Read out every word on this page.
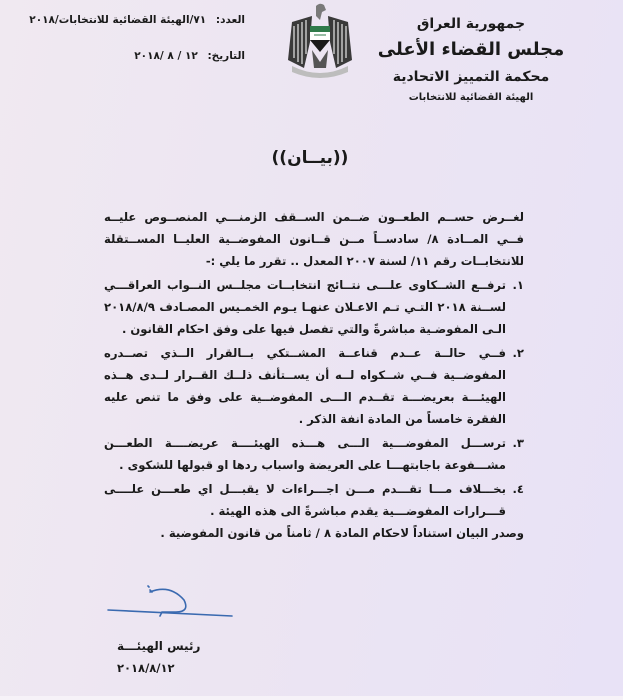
جمهورية العراق
مجلس القضاء الأعلى
محكمة التمييز الاتحادية
الهيئة القضائية للانتخابات
العدد: ٧١/الهيئة القضائية للانتخابات/٢٠١٨
التاريخ: ١٢ / ٨ /٢٠١٨
((بيــان))

لغــرض حســم الطعــون ضــمن الســقف الزمنـــي المنصــوص عليــه فــي المــادة ٨/ سادســاً مــن قــانون المفوضــية العليــا المســتقلة للانتخابــات رقم ١١/ لسنة ٢٠٠٧ المعدل .. تقرر ما يلي :-

١.
ترفــع الشــكاوى علـــى نتــائج انتخابــات مجلــس النــواب العراقـــي لســنة ٢٠١٨ التـي تـم الاعـلان عنهـا يـوم الخمـيس المصـادف ٢٠١٨/٨/٩ الـى المفوضـية مباشرةً والتي تفصل فيها على وفق احكام القانون .
٢.
فــي حالــة عــدم قناعــة المشــتكي بــالقرار الــذي تصــدره المفوضــية فــي شــكواه لــه أن يســتأنف ذلــك القــرار لــدى هــذه الهيئـــة بعريضـــة تقــدم الـــى المفوضــية على وفق ما تنص عليه الفقرة خامساً من المادة انفة الذكر .
٣.
ترســـل المفوضـــية الـــى هـــذه الهيئــــة عريضــــة الطعـــن مشـــفوعة باجابتهـــا على العريضة واسباب ردها او قبولها للشكوى .
٤.
بخـــلاف مـــا تقـــدم مـــن اجـــراءات لا يقبـــل اي طعـــن علــــى قـــرارات المفوضـــية يقدم مباشرةً الى هذه الهيئة .

وصدر البيان استناداً لاحكام المادة ٨ / ثامناً من قانون المفوضية .

رئيس الهيئـــة
٢٠١٨/٨/١٢
